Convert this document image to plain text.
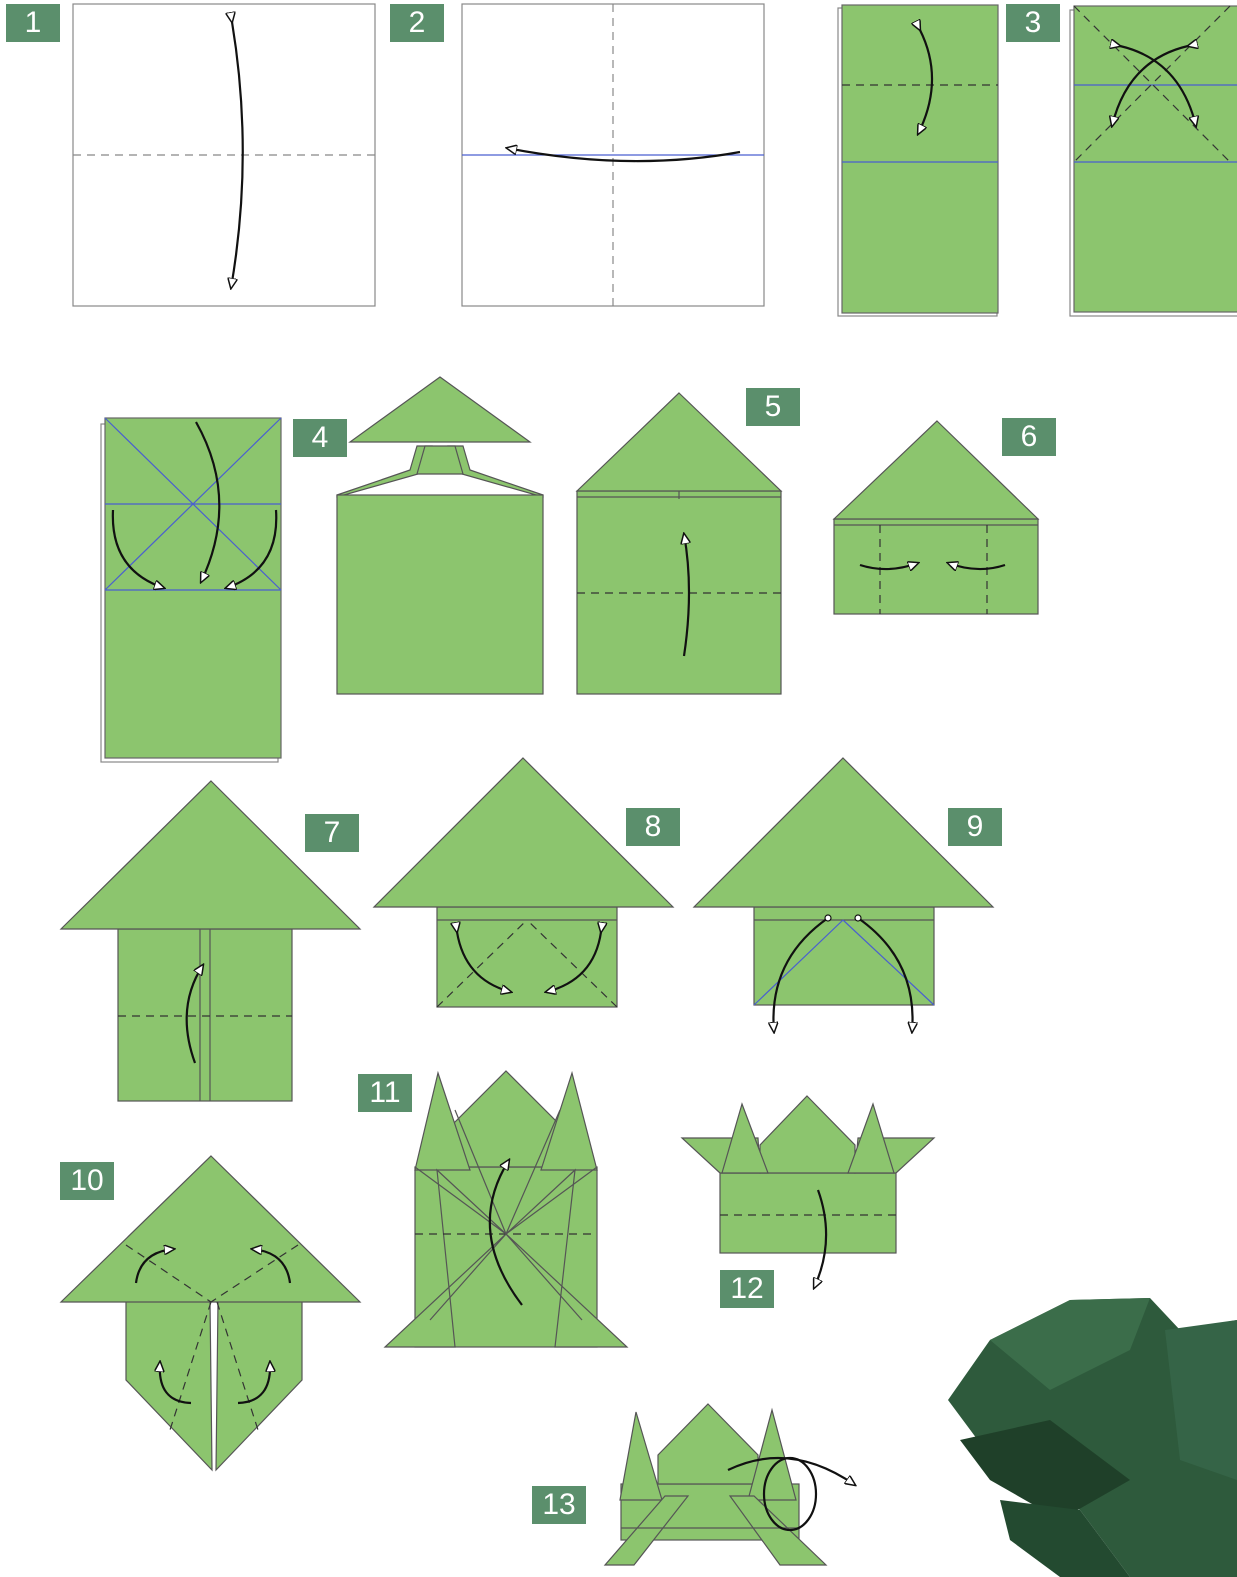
1	2	3
4
5
6
7	8	9
10
11
12
13
